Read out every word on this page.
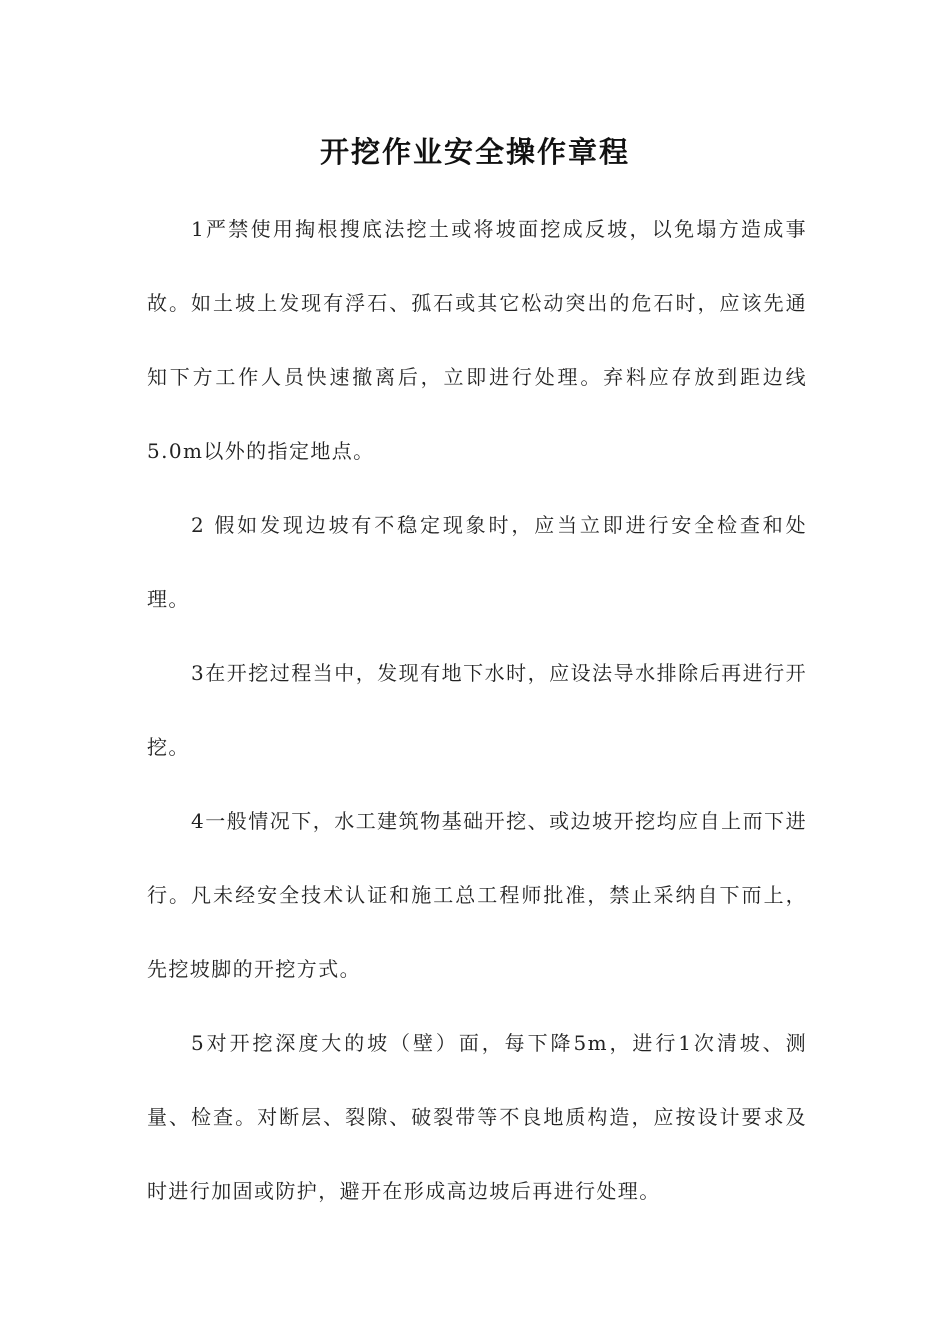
开挖作业安全操作章程

1严禁使用掏根搜底法挖土或将坡面挖成反坡，以免塌方造成事故。如土坡上发现有浮石、孤石或其它松动突出的危石时，应该先通知下方工作人员快速撤离后，立即进行处理。弃料应存放到距边线5.0m以外的指定地点。

2 假如发现边坡有不稳定现象时，应当立即进行安全检查和处理。

3在开挖过程当中，发现有地下水时，应设法导水排除后再进行开挖。

4一般情况下，水工建筑物基础开挖、或边坡开挖均应自上而下进行。凡未经安全技术认证和施工总工程师批准，禁止采纳自下而上，先挖坡脚的开挖方式。

5对开挖深度大的坡（壁）面，每下降5m，进行1次清坡、测量、检查。对断层、裂隙、破裂带等不良地质构造，应按设计要求及时进行加固或防护，避开在形成高边坡后再进行处理。
